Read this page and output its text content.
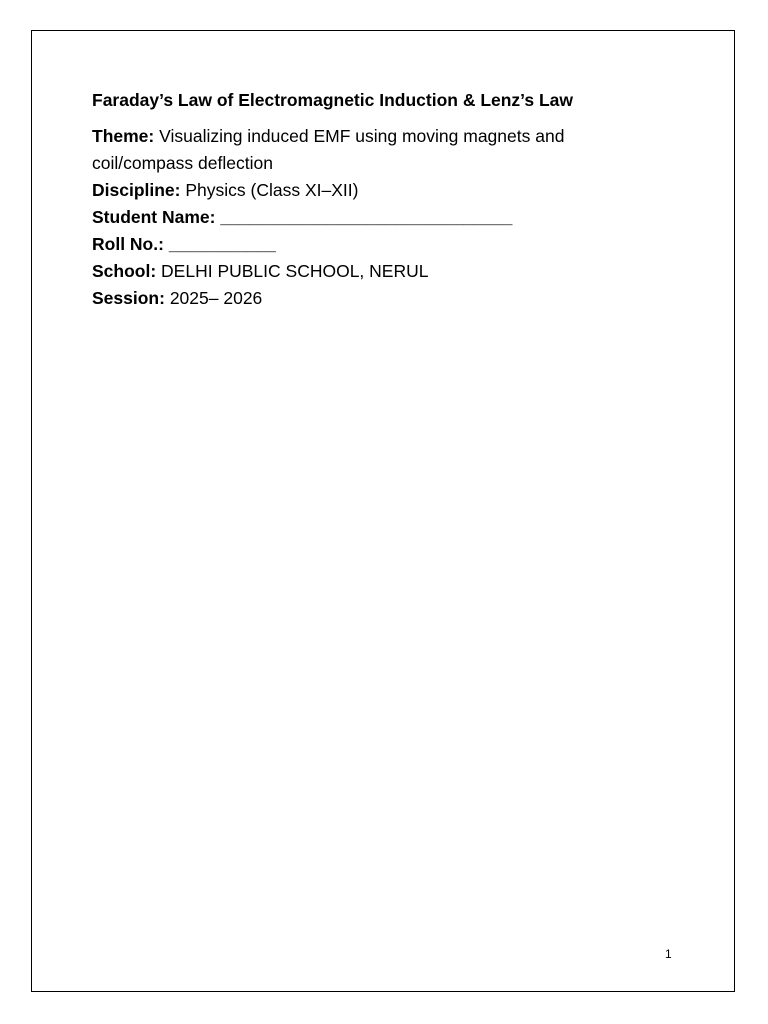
Faraday’s Law of Electromagnetic Induction & Lenz’s Law

Theme: Visualizing induced EMF using moving magnets and coil/compass deflection

Discipline: Physics (Class XI–XII)

Student Name: ______________________________

Roll No.: ___________

School: DELHI PUBLIC SCHOOL, NERUL

Session: 2025– 2026

1
